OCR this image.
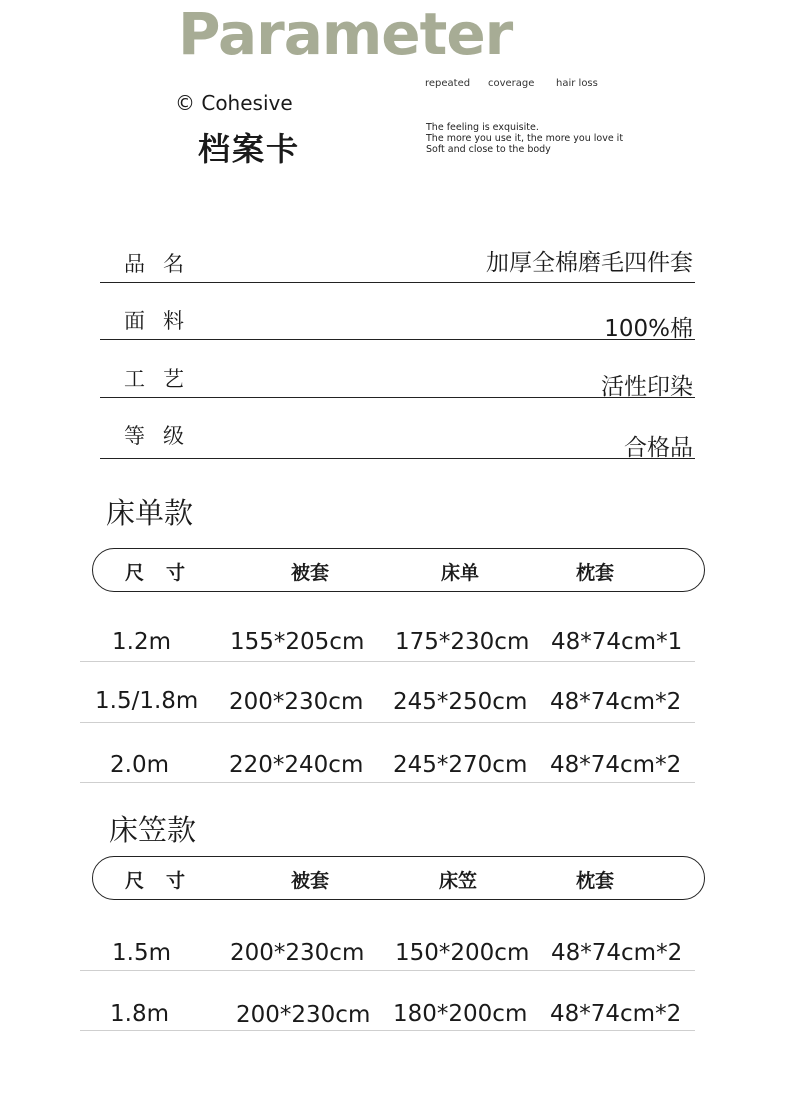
Parameter
© Cohesive
档案卡
repeated coverage hair loss
The feeling is exquisite.
The more you use it, the more you love it
Soft and close to the body
品名	加厚全棉磨毛四件套
面料	100%棉
工艺	活性印染
等级	合格品
床单款
尺寸	被套	床单	枕套
1.2m	155*205cm 175*230cm 48*74cm*1
1.5/1.8m 200*230cm 245*250cm 48*74cm*2
2.0m	220*240cm 245*270cm 48*74cm*2
床笠款
尺寸	被套	床笠	枕套
1.5m	200*230cm 150*200cm 48*74cm*2
1.8m	200*230cm 180*200cm 48*74cm*2
